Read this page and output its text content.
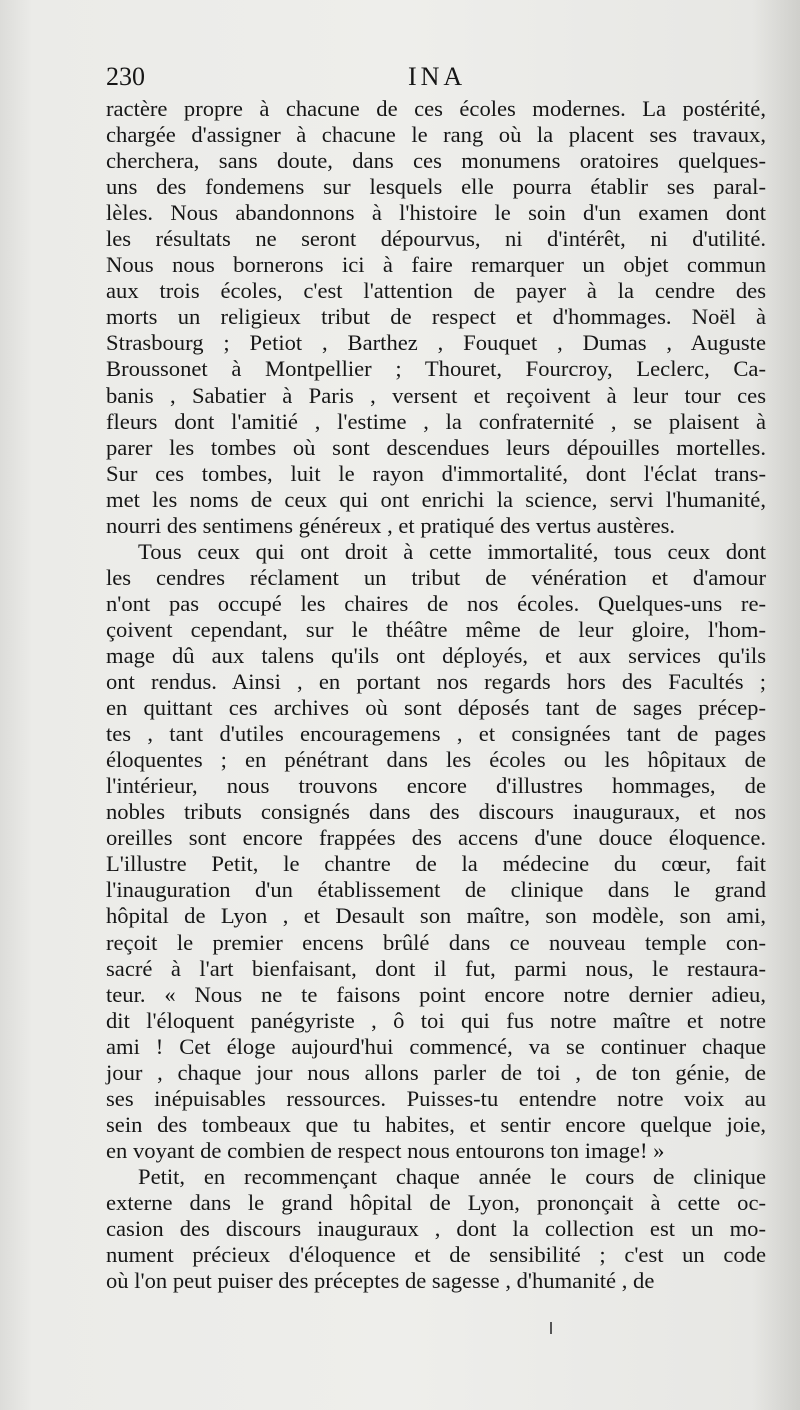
230	INA
ractère propre à chacune de ces écoles modernes. La postérité,
chargée d'assigner à chacune le rang où la placent ses travaux,
cherchera, sans doute, dans ces monumens oratoires quelques-
uns des fondemens sur lesquels elle pourra établir ses paral-
lèles. Nous abandonnons à l'histoire le soin d'un examen dont
les résultats ne seront dépourvus, ni d'intérêt, ni d'utilité.
Nous nous bornerons ici à faire remarquer un objet commun
aux trois écoles, c'est l'attention de payer à la cendre des
morts un religieux tribut de respect et d'hommages. Noël à
Strasbourg ; Petiot , Barthez , Fouquet , Dumas , Auguste
Broussonet à Montpellier ; Thouret, Fourcroy, Leclerc, Ca-
banis , Sabatier à Paris , versent et reçoivent à leur tour ces
fleurs dont l'amitié , l'estime , la confraternité , se plaisent à
parer les tombes où sont descendues leurs dépouilles mortelles.
Sur ces tombes, luit le rayon d'immortalité, dont l'éclat trans-
met les noms de ceux qui ont enrichi la science, servi l'humanité,
nourri des sentimens généreux , et pratiqué des vertus austères.
Tous ceux qui ont droit à cette immortalité, tous ceux dont
les cendres réclament un tribut de vénération et d'amour
n'ont pas occupé les chaires de nos écoles. Quelques-uns re-
çoivent cependant, sur le théâtre même de leur gloire, l'hom-
mage dû aux talens qu'ils ont déployés, et aux services qu'ils
ont rendus. Ainsi , en portant nos regards hors des Facultés ;
en quittant ces archives où sont déposés tant de sages précep-
tes , tant d'utiles encouragemens , et consignées tant de pages
éloquentes ; en pénétrant dans les écoles ou les hôpitaux de
l'intérieur, nous trouvons encore d'illustres hommages, de
nobles tributs consignés dans des discours inauguraux, et nos
oreilles sont encore frappées des accens d'une douce éloquence.
L'illustre Petit, le chantre de la médecine du cœur, fait
l'inauguration d'un établissement de clinique dans le grand
hôpital de Lyon , et Desault son maître, son modèle, son ami,
reçoit le premier encens brûlé dans ce nouveau temple con-
sacré à l'art bienfaisant, dont il fut, parmi nous, le restaura-
teur. « Nous ne te faisons point encore notre dernier adieu,
dit l'éloquent panégyriste , ô toi qui fus notre maître et notre
ami ! Cet éloge aujourd'hui commencé, va se continuer chaque
jour , chaque jour nous allons parler de toi , de ton génie, de
ses inépuisables ressources. Puisses-tu entendre notre voix au
sein des tombeaux que tu habites, et sentir encore quelque joie,
en voyant de combien de respect nous entourons ton image! »
Petit, en recommençant chaque année le cours de clinique
externe dans le grand hôpital de Lyon, prononçait à cette oc-
casion des discours inauguraux , dont la collection est un mo-
nument précieux d'éloquence et de sensibilité ; c'est un code
où l'on peut puiser des préceptes de sagesse , d'humanité , de
